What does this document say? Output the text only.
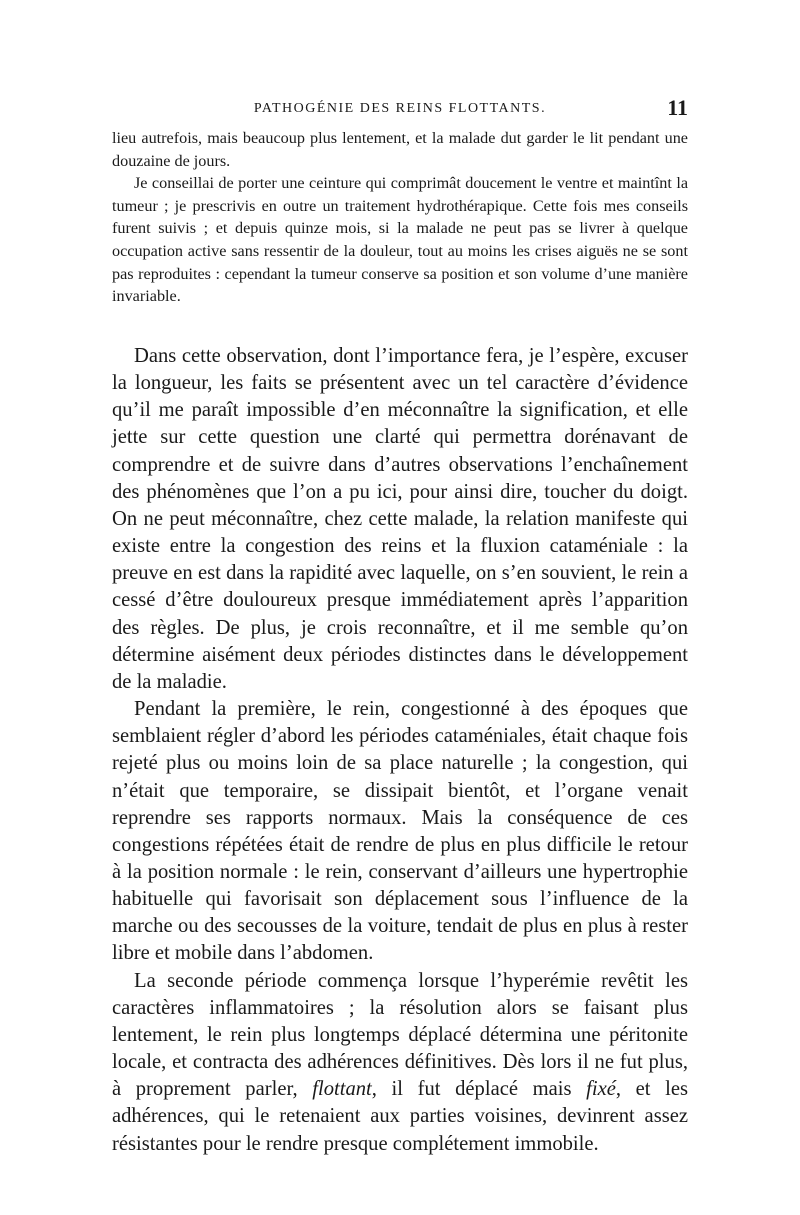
PATHOGÉNIE DES REINS FLOTTANTS.	11

lieu autrefois, mais beaucoup plus lentement, et la malade dut garder le lit pendant une douzaine de jours.

Je conseillai de porter une ceinture qui comprimât doucement le ventre et maintînt la tumeur ; je prescrivis en outre un traitement hydrothérapique. Cette fois mes conseils furent suivis ; et depuis quinze mois, si la malade ne peut pas se livrer à quelque occupation active sans ressentir de la douleur, tout au moins les crises aiguës ne se sont pas reproduites : cependant la tumeur conserve sa position et son volume d’une manière invariable.

Dans cette observation, dont l’importance fera, je l’espère, excuser la longueur, les faits se présentent avec un tel caractère d’évidence qu’il me paraît impossible d’en méconnaître la signification, et elle jette sur cette question une clarté qui permettra dorénavant de comprendre et de suivre dans d’autres observations l’enchaînement des phénomènes que l’on a pu ici, pour ainsi dire, toucher du doigt. On ne peut méconnaître, chez cette malade, la relation manifeste qui existe entre la congestion des reins et la fluxion cataméniale : la preuve en est dans la rapidité avec laquelle, on s’en souvient, le rein a cessé d’être douloureux presque immédiatement après l’apparition des règles. De plus, je crois reconnaître, et il me semble qu’on détermine aisément deux périodes distinctes dans le développement de la maladie.

Pendant la première, le rein, congestionné à des époques que semblaient régler d’abord les périodes cataméniales, était chaque fois rejeté plus ou moins loin de sa place naturelle ; la congestion, qui n’était que temporaire, se dissipait bientôt, et l’organe venait reprendre ses rapports normaux. Mais la conséquence de ces congestions répétées était de rendre de plus en plus difficile le retour à la position normale : le rein, conservant d’ailleurs une hypertrophie habituelle qui favorisait son déplacement sous l’influence de la marche ou des secousses de la voiture, tendait de plus en plus à rester libre et mobile dans l’abdomen.

La seconde période commença lorsque l’hyperémie revêtit les caractères inflammatoires ; la résolution alors se faisant plus lentement, le rein plus longtemps déplacé détermina une péritonite locale, et contracta des adhérences définitives. Dès lors il ne fut plus, à proprement parler, flottant, il fut déplacé mais fixé, et les adhérences, qui le retenaient aux parties voisines, devinrent assez résistantes pour le rendre presque complétement immobile.
